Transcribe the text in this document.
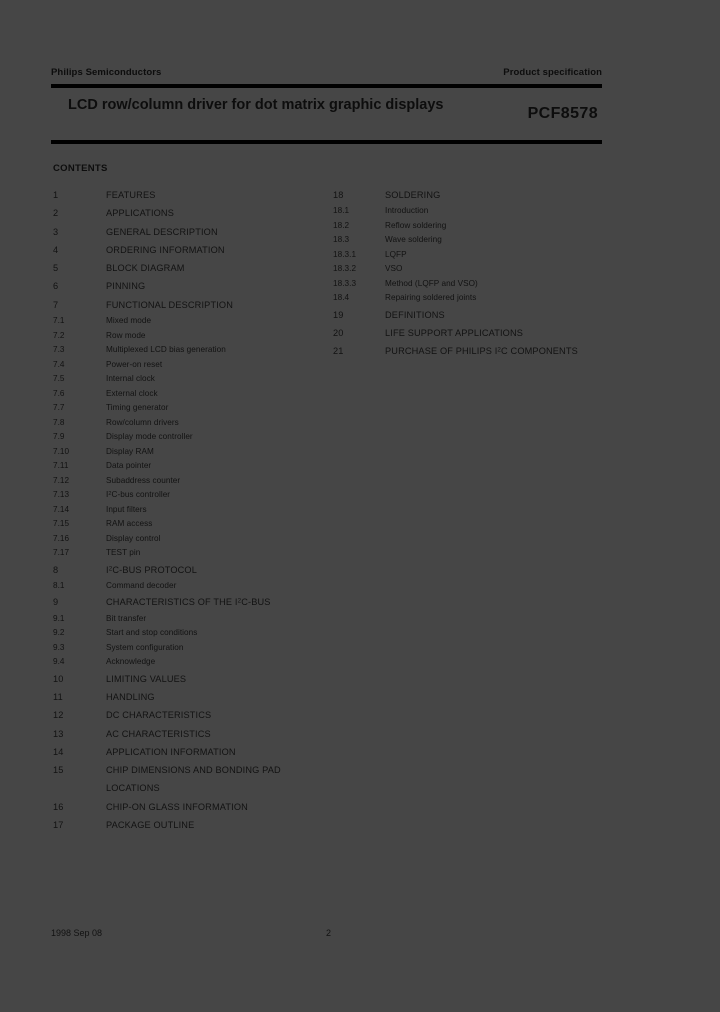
Philips Semiconductors	Product specification
LCD row/column driver for dot matrix graphic displays	PCF8578
CONTENTS
1	FEATURES
2	APPLICATIONS
3	GENERAL DESCRIPTION
4	ORDERING INFORMATION
5	BLOCK DIAGRAM
6	PINNING
7	FUNCTIONAL DESCRIPTION
7.1	Mixed mode
7.2	Row mode
7.3	Multiplexed LCD bias generation
7.4	Power-on reset
7.5	Internal clock
7.6	External clock
7.7	Timing generator
7.8	Row/column drivers
7.9	Display mode controller
7.10	Display RAM
7.11	Data pointer
7.12	Subaddress counter
7.13	$I^2C$-bus controller
7.14	Input filters
7.15	RAM access
7.16	Display control
7.17	TEST pin
8	$I^2C$-BUS PROTOCOL
8.1	Command decoder
9	CHARACTERISTICS OF THE $I^2C$-BUS
9.1	Bit transfer
9.2	Start and stop conditions
9.3	System configuration
9.4	Acknowledge
10	LIMITING VALUES
11	HANDLING
12	DC CHARACTERISTICS
13	AC CHARACTERISTICS
14	APPLICATION INFORMATION
15	CHIP DIMENSIONS AND BONDING PAD LOCATIONS
16	CHIP-ON GLASS INFORMATION
17	PACKAGE OUTLINE
18	SOLDERING
18.1	Introduction
18.2	Reflow soldering
18.3	Wave soldering
18.3.1	LQFP
18.3.2	VSO
18.3.3	Method (LQFP and VSO)
18.4	Repairing soldered joints
19	DEFINITIONS
20	LIFE SUPPORT APPLICATIONS
21	PURCHASE OF PHILIPS $I^2C$ COMPONENTS
1998 Sep 08	2
